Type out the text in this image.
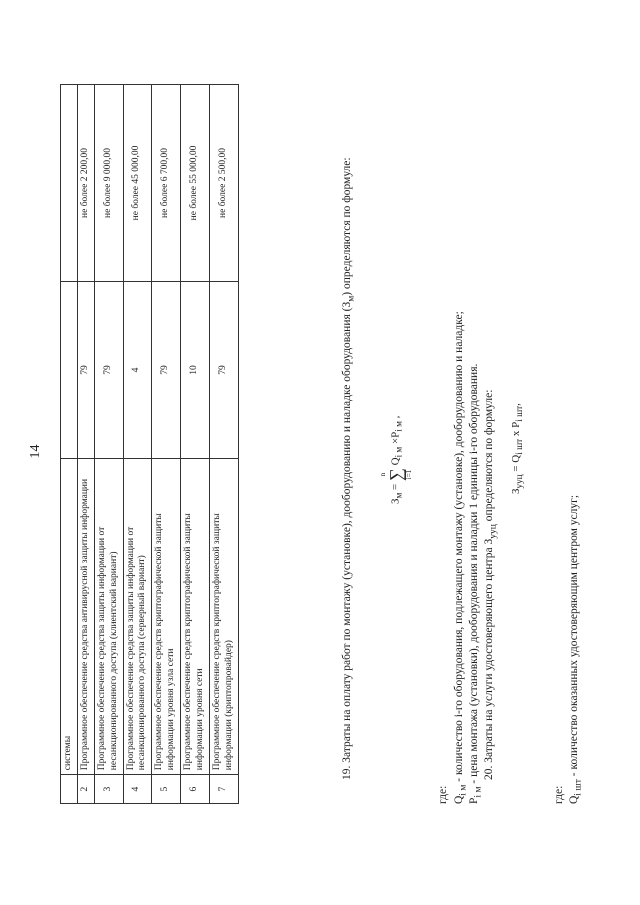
14
	системы		
2	Программное обеспечение средства антивирусной защиты информации	79	не более 2 200,00
3	Программное обеспечение средства защиты информации от несанкционированного доступа (клиентский вариант)	79	не более 9 000,00
4	Программное обеспечение средства защиты информации от несанкционированного доступа (серверный вариант)	4	не более 45 000,00
5	Программное обеспечение средств криптографической защиты информации уровня узла сети	79	не более 6 700,00
6	Программное обеспечение средств криптографической защиты информации уровня сети	10	не более 55 000,00
7	Программное обеспечение средств криптографической защиты информации (криптопровайдер)	79	не более 2 500,00
19. Затраты на оплату работ по монтажу (установке), дооборудованию и наладке оборудования $(З_м)$ определяются по формуле:
$З_м = n$
∑
i=1 $Q_{i м} \times P_{i м}$ ,
где: $Q_{i м}$ - количество i-го оборудования, подлежащего монтажу (установке), дооборудованию и наладке;
$P_{i м}$ - цена монтажа (установки), дооборудования и наладки 1 единицы i-го оборудования. 20. Затраты на услуги удостоверяющего центра $З_{ууц}$ определяются по формуле:	$З_{ууц} = Q_{i шт}$ х $P_{i шт}$,
где: $Q_{i шт}$ - количество оказанных удостоверяющим центром услуг;
